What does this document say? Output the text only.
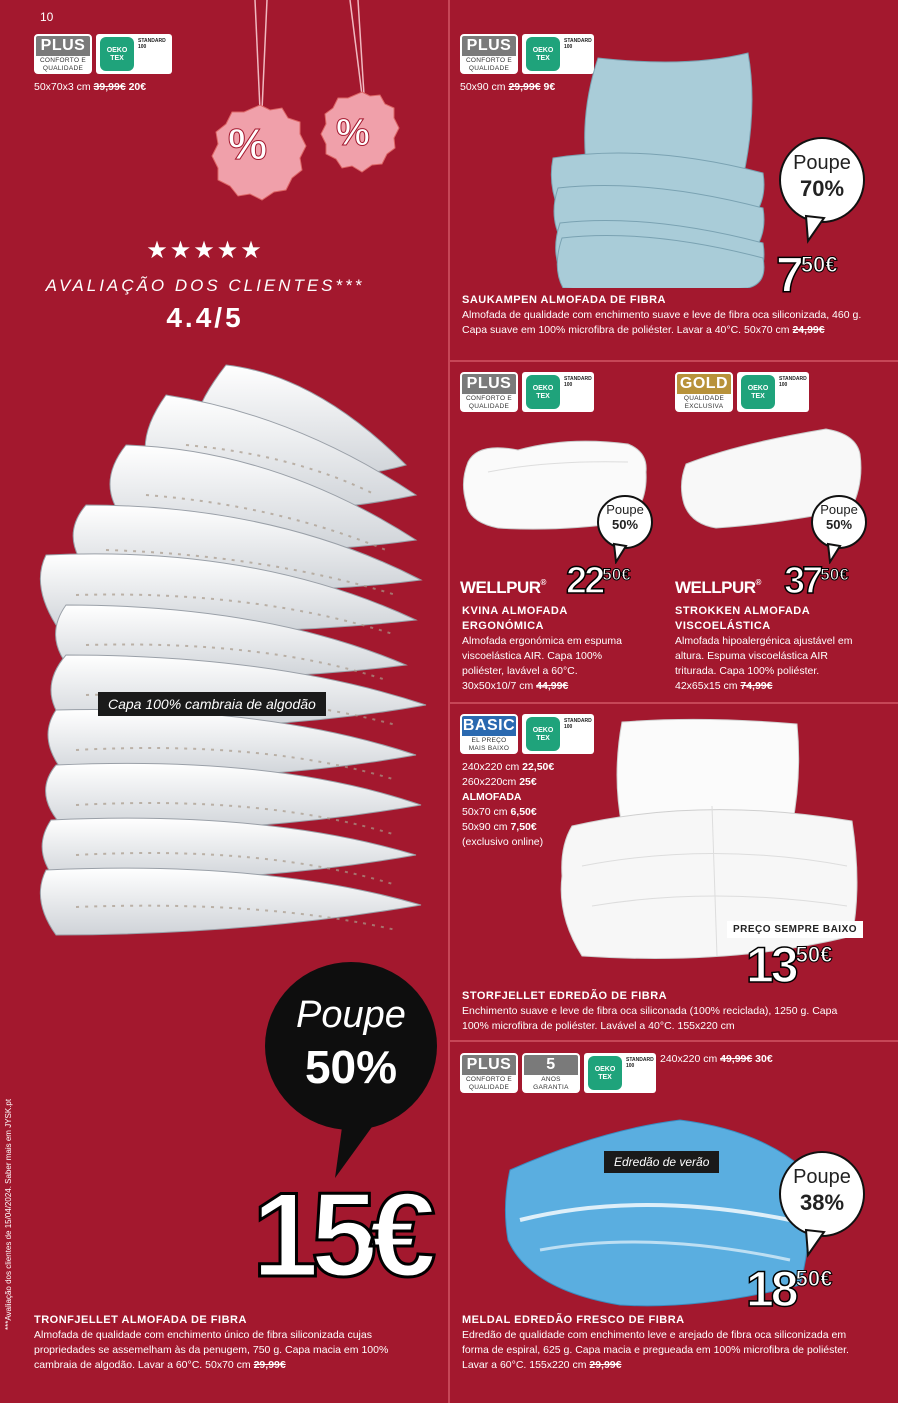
10
***Avaliação dos clientes de 15/04/2024. Saber mais em JYSK.pt
PLUS
CONFORTO E QUALIDADE
OEKO TEX
STANDARD 100
50x70x3 cm 39,99€ 20€
% %
★★★★★
AVALIAÇÃO DOS CLIENTES***
4.4/5
Capa 100% cambraia de algodão
Poupe
50%
15€
TRONFJELLET ALMOFADA DE FIBRA
Almofada de qualidade com enchimento único de fibra siliconizada cujas propriedades se assemelham às da penugem, 750 g. Capa macia em 100% cambraia de algodão. Lavar a 60°C. 50x70 cm 29,99€
PLUS
CONFORTO E QUALIDADE
OEKO TEX
STANDARD 100
50x90 cm 29,99€ 9€
Poupe
70%
750€
SAUKAMPEN ALMOFADA DE FIBRA
Almofada de qualidade com enchimento suave e leve de fibra oca siliconizada, 460 g. Capa suave em 100% microfibra de poliéster. Lavar a 40°C. 50x70 cm 24,99€
PLUS
CONFORTO E QUALIDADE
OEKO TEX
STANDARD 100
Poupe
50%
WELLPUR® 2250€
KVINA ALMOFADA ERGONÓMICA
Almofada ergonómica em espuma viscoelástica AIR. Capa 100% poliéster, lavável a 60°C. 30x50x10/7 cm 44,99€
GOLD
QUALIDADE EXCLUSIVA
OEKO TEX
STANDARD 100
Poupe
50%
WELLPUR® 3750€
STROKKEN ALMOFADA VISCOELÁSTICA
Almofada hipoalergénica ajustável em altura. Espuma viscoelástica AIR triturada. Capa 100% poliéster. 42x65x15 cm 74,99€
BASIC
EL PREÇO MAIS BAIXO
OEKO TEX
STANDARD 100
240x220 cm 22,50€
260x220cm 25€
ALMOFADA
50x70 cm 6,50€
50x90 cm 7,50€
(exclusivo online)
PREÇO SEMPRE BAIXO
1350€
STORFJELLET EDREDÃO DE FIBRA
Enchimento suave e leve de fibra oca siliconada (100% reciclada), 1250 g. Capa 100% microfibra de poliéster. Lavável a 40°C. 155x220 cm
PLUS
CONFORTO E QUALIDADE
5
ANOS GARANTIA
OEKO TEX
STANDARD 100
240x220 cm 49,99€ 30€
Edredão de verão
Poupe
38%
1850€
MELDAL EDREDÃO FRESCO DE FIBRA
Edredão de qualidade com enchimento leve e arejado de fibra oca siliconizada em forma de espiral, 625 g. Capa macia e pregueada em 100% microfibra de poliéster. Lavar a 60°C. 155x220 cm 29,99€
